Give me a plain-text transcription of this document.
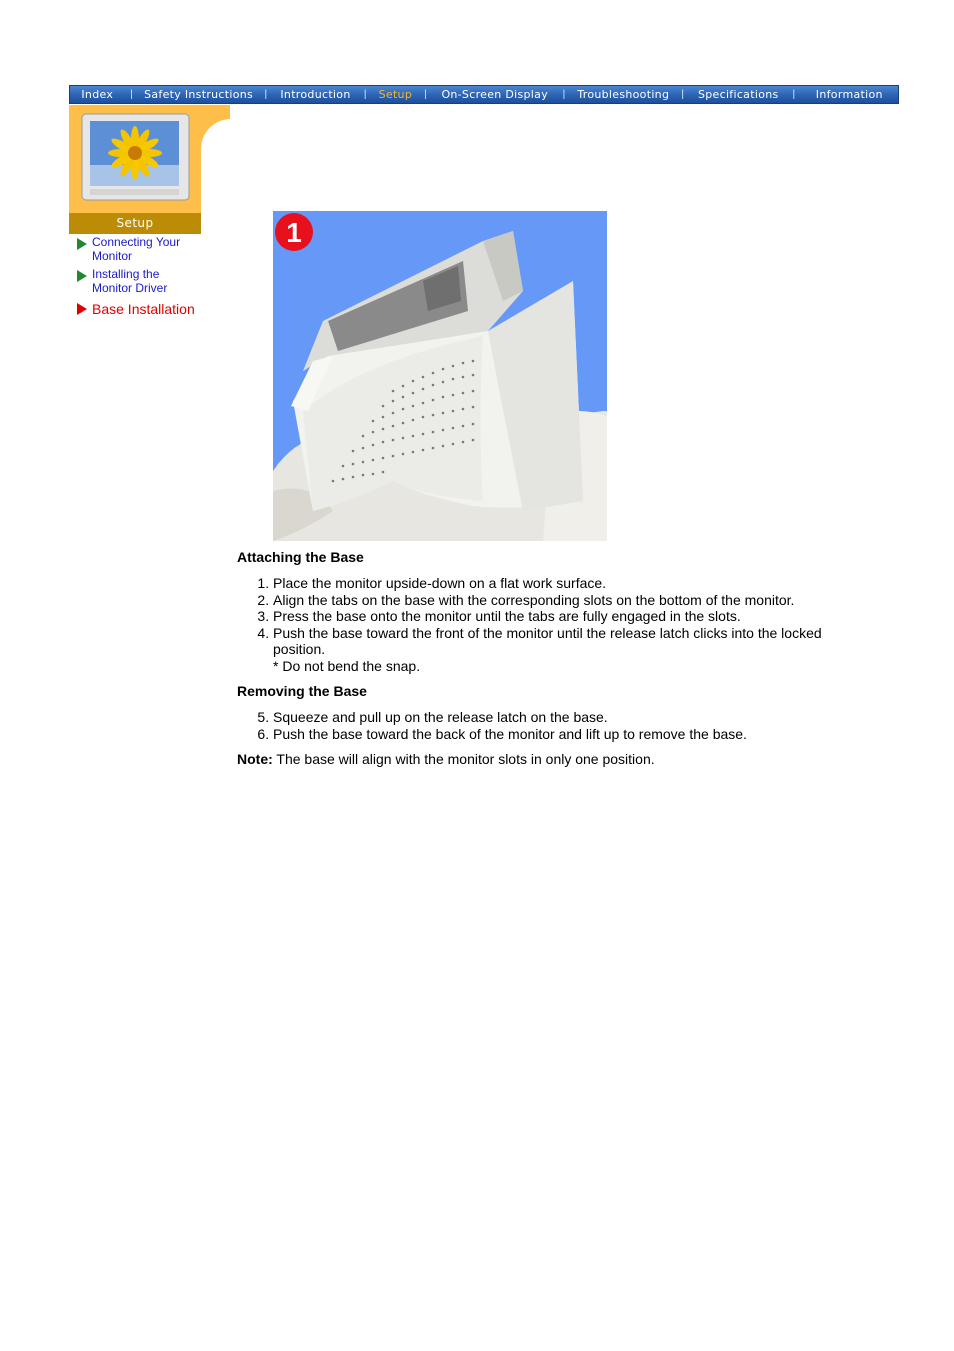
Index	|	Safety Instructions	|	Introduction	|	Setup	|	On-Screen Display	|	Troubleshooting	|	Specifications	|	Information
Setup
Connecting Your
Monitor
Installing the
Monitor Driver
Base Installation
1
Attaching the Base
1. Place the monitor upside-down on a flat work surface.
2. Align the tabs on the base with the corresponding slots on the bottom of the monitor.
3. Press the base onto the monitor until the tabs are fully engaged in the slots.
4. Push the base toward the front of the monitor until the release latch clicks into the locked position.
* Do not bend the snap.
Removing the Base
5. Squeeze and pull up on the release latch on the base.
6. Push the base toward the back of the monitor and lift up to remove the base.
Note: The base will align with the monitor slots in only one position.
